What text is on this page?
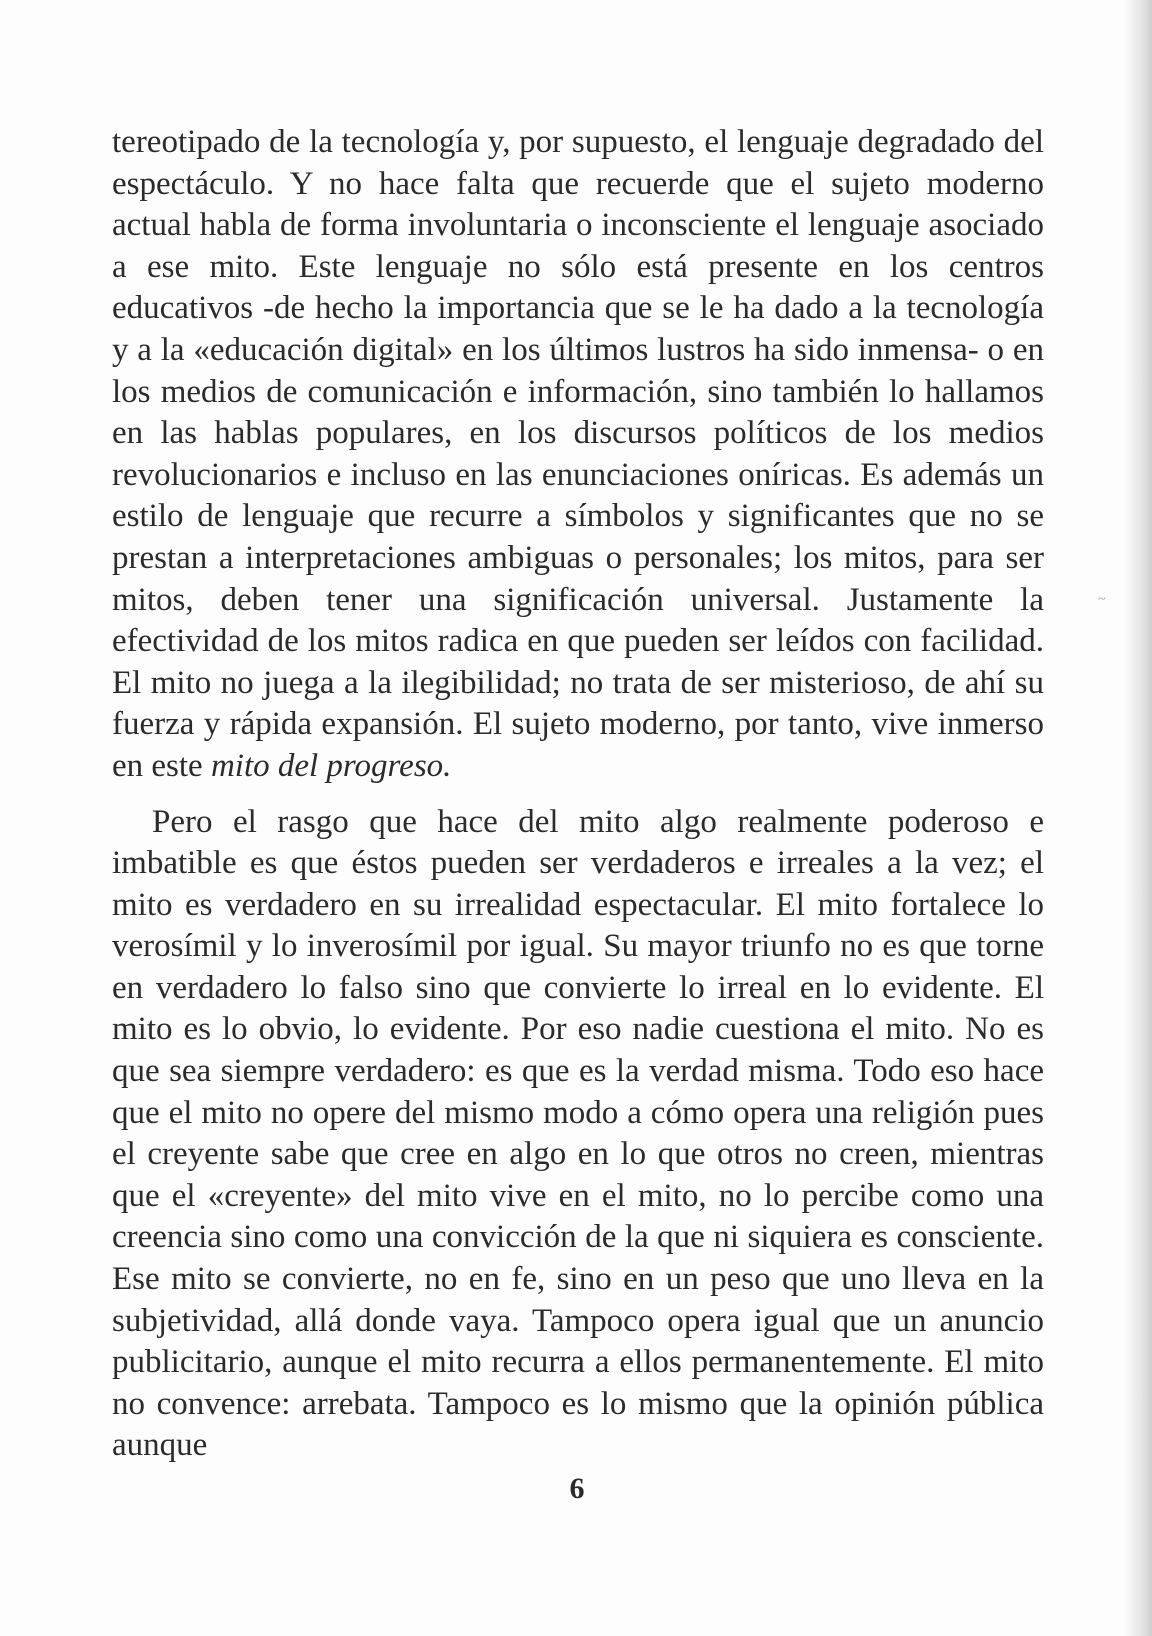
tereotipado de la tecnología y, por supuesto, el lenguaje degradado del espectáculo. Y no hace falta que recuerde que el sujeto moderno actual habla de forma involuntaria o inconsciente el lenguaje asociado a ese mito. Este lenguaje no sólo está presente en los centros educativos -de hecho la importancia que se le ha dado a la tecnología y a la «educación digital» en los últimos lustros ha sido inmensa- o en los medios de comunicación e información, sino también lo hallamos en las hablas populares, en los discursos políticos de los medios revolucionarios e incluso en las enunciaciones oníricas. Es además un estilo de lenguaje que recurre a símbolos y significantes que no se prestan a interpretaciones ambiguas o personales; los mitos, para ser mitos, deben tener una significación universal. Justamente la efectividad de los mitos radica en que pueden ser leídos con facilidad. El mito no juega a la ilegibilidad; no trata de ser misterioso, de ahí su fuerza y rápida expansión. El sujeto moderno, por tanto, vive inmerso en este mito del progreso.

Pero el rasgo que hace del mito algo realmente poderoso e imbatible es que éstos pueden ser verdaderos e irreales a la vez; el mito es verdadero en su irrealidad espectacular. El mito fortalece lo verosímil y lo inverosímil por igual. Su mayor triunfo no es que torne en verdadero lo falso sino que convierte lo irreal en lo evidente. El mito es lo obvio, lo evidente. Por eso nadie cuestiona el mito. No es que sea siempre verdadero: es que es la verdad misma. Todo eso hace que el mito no opere del mismo modo a cómo opera una religión pues el creyente sabe que cree en algo en lo que otros no creen, mientras que el «creyente» del mito vive en el mito, no lo percibe como una creencia sino como una convicción de la que ni siquiera es consciente. Ese mito se convierte, no en fe, sino en un peso que uno lleva en la subjetividad, allá donde vaya. Tampoco opera igual que un anuncio publicitario, aunque el mito recurra a ellos permanentemente. El mito no convence: arrebata. Tampoco es lo mismo que la opinión pública aunque

~
6
